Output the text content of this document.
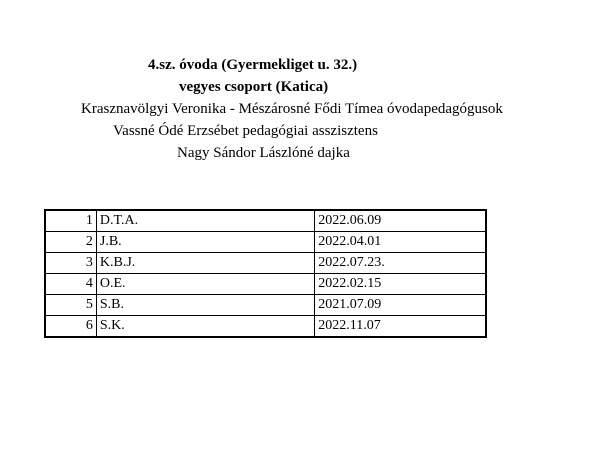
4.sz. óvoda (Gyermekliget u. 32.)
vegyes csoport (Katica)
Krasznavölgyi Veronika - Mészárosné Fődi Tímea óvodapedagógusok
Vassné Ódé Erzsébet pedagógiai asszisztens
Nagy Sándor Lászlóné dajka
1	D.T.A.	2022.06.09
2	J.B.	2022.04.01
3	K.B.J.	2022.07.23.
4	O.E.	2022.02.15
5	S.B.	2021.07.09
6	S.K.	2022.11.07
